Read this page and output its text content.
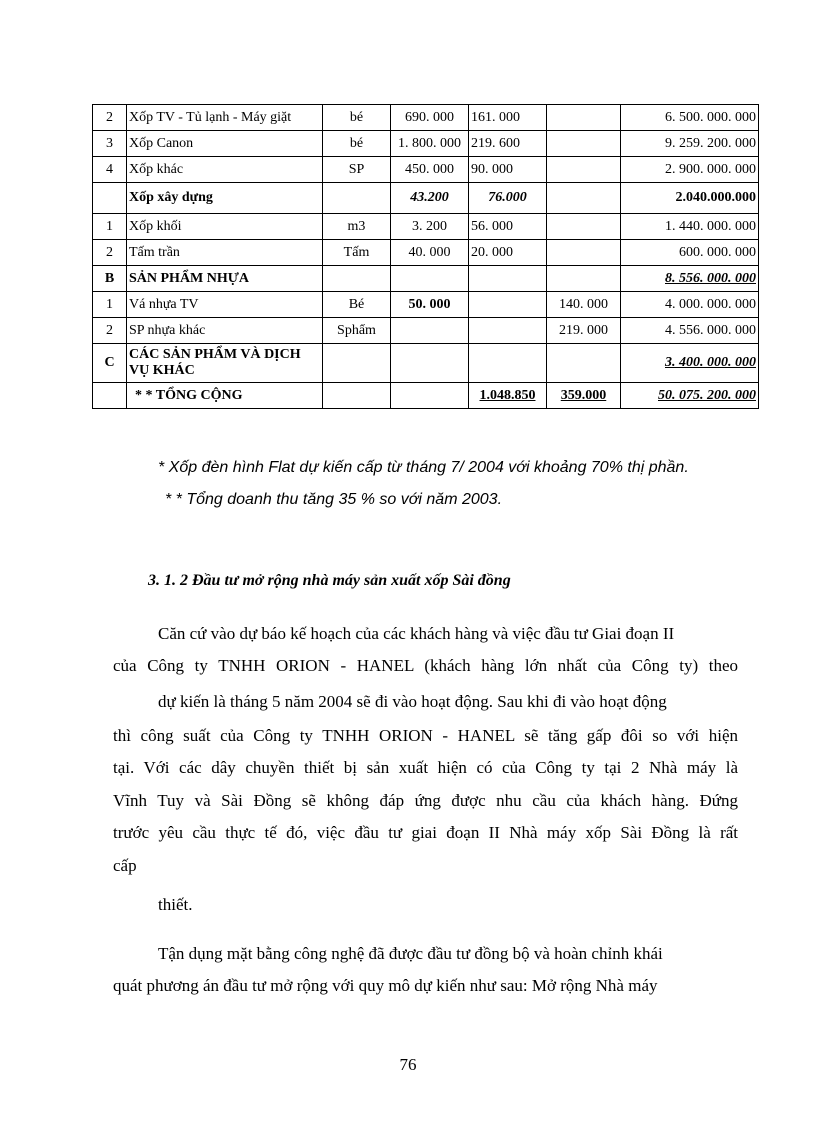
2	Xốp TV - Tủ lạnh - Máy giặt	bé	690. 000	161. 000		6. 500. 000. 000
3	Xốp Canon	bé	1. 800. 000	219. 600		9. 259. 200. 000
4	Xốp khác	SP	450. 000	90. 000		2. 900. 000. 000
	Xốp xây dựng		43.200	76.000		2.040.000.000
1	Xốp khối	m3	3. 200	56. 000		1. 440. 000. 000
2	Tấm trần	Tấm	40. 000	20. 000		600. 000. 000
B	SẢN PHẨM NHỰA					8. 556. 000. 000
1	Vá nhựa TV	Bé	50. 000		140. 000	4. 000. 000. 000
2	SP nhựa khác	Sphẩm			219. 000	4. 556. 000. 000
C	CÁC SẢN PHẨM VÀ DỊCH VỤ KHÁC					3. 400. 000. 000
	* * TỔNG CỘNG			1.048.850	359.000	50. 075. 200. 000
* Xốp đèn hình Flat dự kiến cấp từ tháng 7/ 2004 với khoảng 70% thị phần.
* * Tổng doanh thu tăng 35 % so với năm 2003.
3. 1. 2 Đầu tư mở rộng nhà máy sản xuất xốp Sài đồng
Căn cứ vào dự báo kế hoạch của các khách hàng và việc đầu tư Giai đoạn II
của Công ty TNHH ORION - HANEL (khách hàng lớn nhất của Công ty) theo
dự kiến là tháng 5 năm 2004 sẽ đi vào hoạt động. Sau khi đi vào hoạt động
thì công suất của Công ty TNHH ORION - HANEL sẽ tăng gấp đôi so với hiện
tại. Với các dây chuyền thiết bị sản xuất hiện có của Công ty tại 2 Nhà máy là
Vĩnh Tuy và Sài Đồng sẽ không đáp ứng được nhu cầu của khách hàng. Đứng
trước yêu cầu thực tế đó, việc đầu tư giai đoạn II Nhà máy xốp Sài Đồng là rất
cấp
thiết.
Tận dụng mặt bằng công nghệ đã được đầu tư đồng bộ và hoàn chỉnh khái
quát phương án đầu tư mở rộng với quy mô dự kiến như sau: Mở rộng Nhà máy
76
